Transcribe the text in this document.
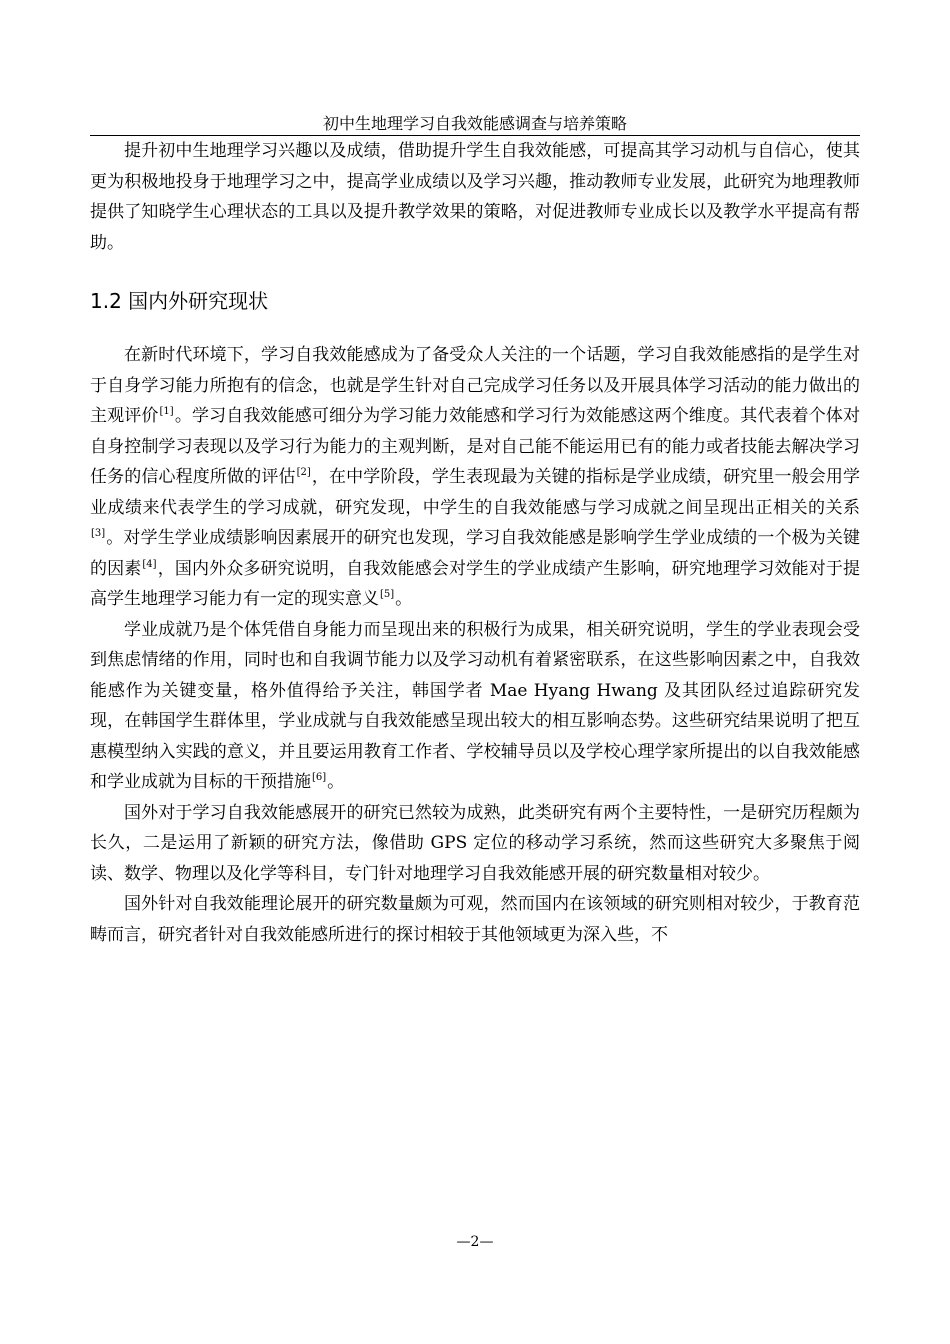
初中生地理学习自我效能感调查与培养策略

提升初中生地理学习兴趣以及成绩，借助提升学生自我效能感，可提高其学习动机与自信心，使其更为积极地投身于地理学习之中，提高学业成绩以及学习兴趣，推动教师专业发展，此研究为地理教师提供了知晓学生心理状态的工具以及提升教学效果的策略，对促进教师专业成长以及教学水平提高有帮助。

1.2 国内外研究现状

在新时代环境下，学习自我效能感成为了备受众人关注的一个话题，学习自我效能感指的是学生对于自身学习能力所抱有的信念，也就是学生针对自己完成学习任务以及开展具体学习活动的能力做出的主观评价[1]。学习自我效能感可细分为学习能力效能感和学习行为效能感这两个维度。其代表着个体对自身控制学习表现以及学习行为能力的主观判断，是对自己能不能运用已有的能力或者技能去解决学习任务的信心程度所做的评估[2]，在中学阶段，学生表现最为关键的指标是学业成绩，研究里一般会用学业成绩来代表学生的学习成就，研究发现，中学生的自我效能感与学习成就之间呈现出正相关的关系[3]。对学生学业成绩影响因素展开的研究也发现，学习自我效能感是影响学生学业成绩的一个极为关键的因素[4]，国内外众多研究说明，自我效能感会对学生的学业成绩产生影响，研究地理学习效能对于提高学生地理学习能力有一定的现实意义[5]。

学业成就乃是个体凭借自身能力而呈现出来的积极行为成果，相关研究说明，学生的学业表现会受到焦虑情绪的作用，同时也和自我调节能力以及学习动机有着紧密联系，在这些影响因素之中，自我效能感作为关键变量，格外值得给予关注，韩国学者 Mae Hyang Hwang 及其团队经过追踪研究发现，在韩国学生群体里，学业成就与自我效能感呈现出较大的相互影响态势。这些研究结果说明了把互惠模型纳入实践的意义，并且要运用教育工作者、学校辅导员以及学校心理学家所提出的以自我效能感和学业成就为目标的干预措施[6]。

国外对于学习自我效能感展开的研究已然较为成熟，此类研究有两个主要特性，一是研究历程颇为长久，二是运用了新颖的研究方法，像借助 GPS 定位的移动学习系统，然而这些研究大多聚焦于阅读、数学、物理以及化学等科目，专门针对地理学习自我效能感开展的研究数量相对较少。

国外针对自我效能理论展开的研究数量颇为可观，然而国内在该领域的研究则相对较少，于教育范畴而言，研究者针对自我效能感所进行的探讨相较于其他领域更为深入些，不

—2—
